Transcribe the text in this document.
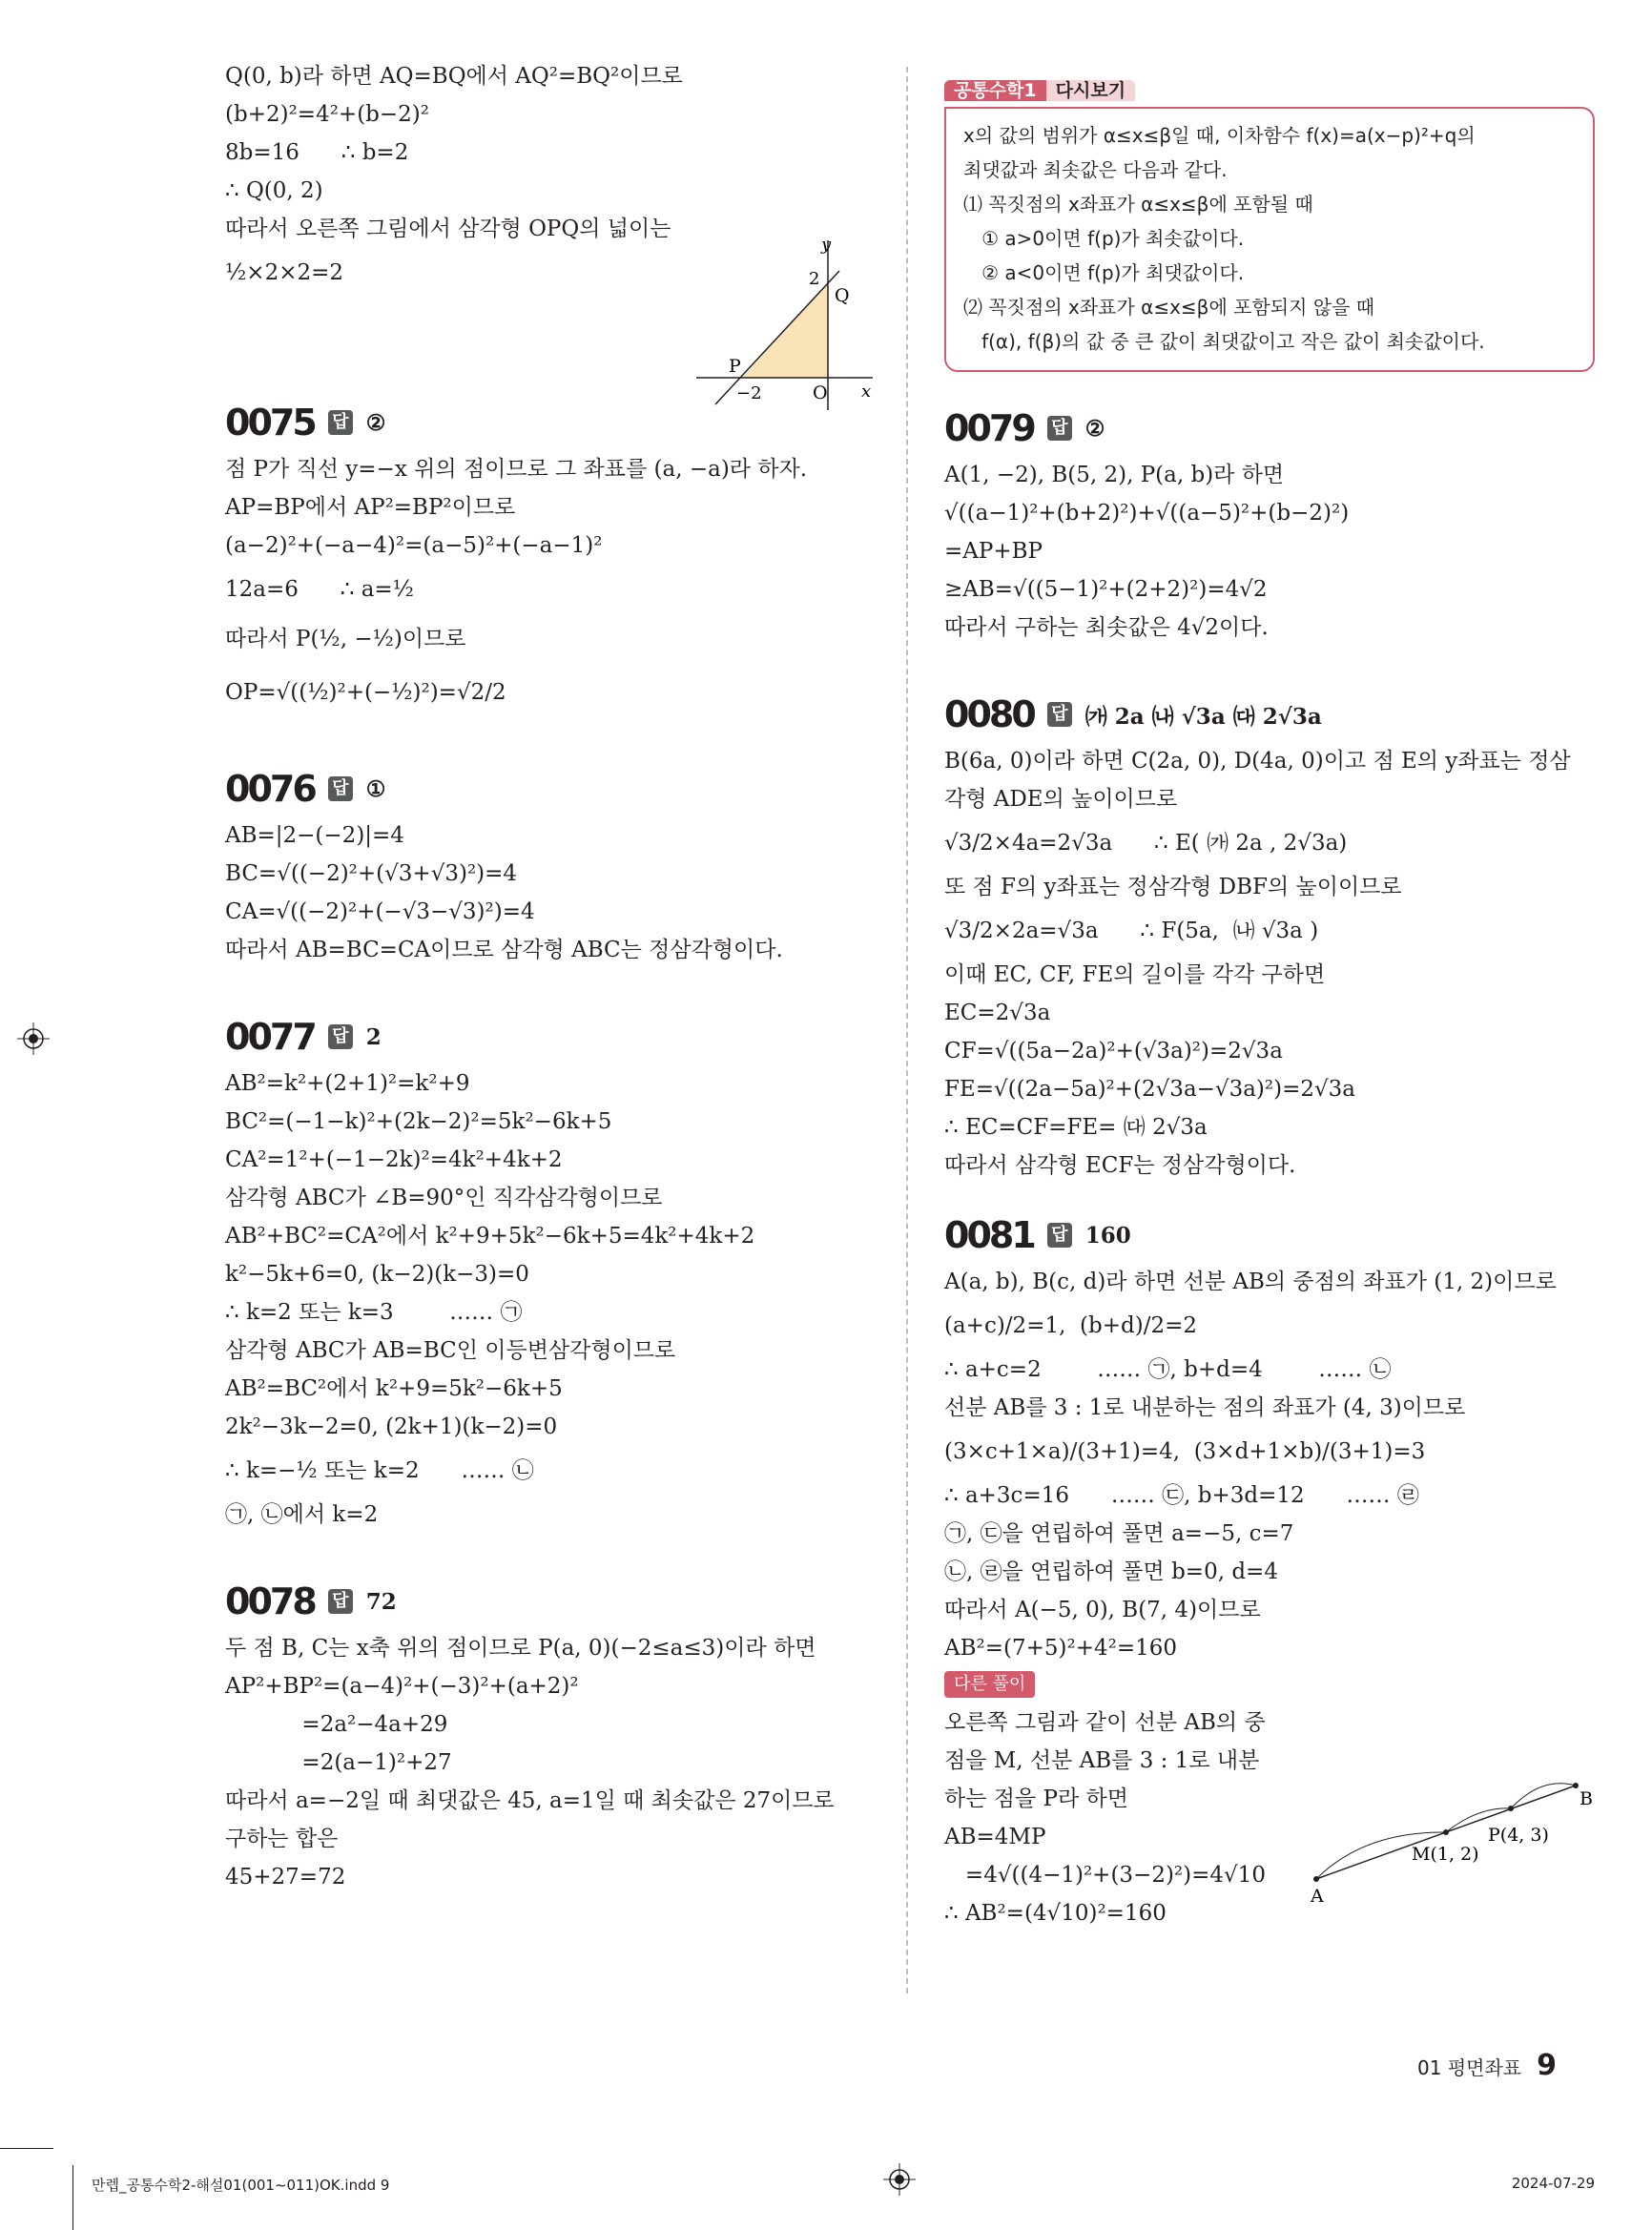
Q(0, b)라 하면 AQ=BQ에서 AQ²=BQ²이므로
(b+2)²=4²+(b−2)²
8b=16      ∴ b=2
∴ Q(0, 2)
따라서 오른쪽 그림에서 삼각형 OPQ의 넓이는
½×2×2=2
0075 답 ②
점 P가 직선 y=−x 위의 점이므로 그 좌표를 (a, −a)라 하자.
AP=BP에서 AP²=BP²이므로
(a−2)²+(−a−4)²=(a−5)²+(−a−1)²
12a=6      ∴ a=½
따라서 P(½, −½)이므로
OP=√((½)²+(−½)²)=√2/2
0076 답 ①
AB=|2−(−2)|=4
BC=√((−2)²+(√3+√3)²)=4
CA=√((−2)²+(−√3−√3)²)=4
따라서 AB=BC=CA이므로 삼각형 ABC는 정삼각형이다.
0077 답 2
AB²=k²+(2+1)²=k²+9
BC²=(−1−k)²+(2k−2)²=5k²−6k+5
CA²=1²+(−1−2k)²=4k²+4k+2
삼각형 ABC가 ∠B=90°인 직각삼각형이므로
AB²+BC²=CA²에서 k²+9+5k²−6k+5=4k²+4k+2
k²−5k+6=0, (k−2)(k−3)=0
∴ k=2 또는 k=3        …… ㉠
삼각형 ABC가 AB=BC인 이등변삼각형이므로
AB²=BC²에서 k²+9=5k²−6k+5
2k²−3k−2=0, (2k+1)(k−2)=0
∴ k=−½ 또는 k=2      …… ㉡
㉠, ㉡에서 k=2
0078 답 72
두 점 B, C는 x축 위의 점이므로 P(a, 0)(−2≤a≤3)이라 하면
AP²+BP²=(a−4)²+(−3)²+(a+2)²
=2a²−4a+29
=2(a−1)²+27
따라서 a=−2일 때 최댓값은 45, a=1일 때 최솟값은 27이므로
구하는 합은
45+27=72
y
x
2
−2
Q
P
O
공통수학1 다시보기
x의 값의 범위가 α≤x≤β일 때, 이차함수 f(x)=a(x−p)²+q의
최댓값과 최솟값은 다음과 같다.
⑴ 꼭짓점의 x좌표가 α≤x≤β에 포함될 때
① a>0이면 f(p)가 최솟값이다.
② a<0이면 f(p)가 최댓값이다.
⑵ 꼭짓점의 x좌표가 α≤x≤β에 포함되지 않을 때
f(α), f(β)의 값 중 큰 값이 최댓값이고 작은 값이 최솟값이다.
0079 답 ②
A(1, −2), B(5, 2), P(a, b)라 하면
√((a−1)²+(b+2)²)+√((a−5)²+(b−2)²)
=AP+BP
≥AB=√((5−1)²+(2+2)²)=4√2
따라서 구하는 최솟값은 4√2이다.
0080 답 ㈎ 2a ㈏ √3a ㈐ 2√3a
B(6a, 0)이라 하면 C(2a, 0), D(4a, 0)이고 점 E의 y좌표는 정삼
각형 ADE의 높이이므로
√3/2×4a=2√3a      ∴ E( ㈎ 2a , 2√3a)
또 점 F의 y좌표는 정삼각형 DBF의 높이이므로
√3/2×2a=√3a      ∴ F(5a,  ㈏ √3a )
이때 EC, CF, FE의 길이를 각각 구하면
EC=2√3a
CF=√((5a−2a)²+(√3a)²)=2√3a
FE=√((2a−5a)²+(2√3a−√3a)²)=2√3a
∴ EC=CF=FE= ㈐ 2√3a
따라서 삼각형 ECF는 정삼각형이다.
0081 답 160
A(a, b), B(c, d)라 하면 선분 AB의 중점의 좌표가 (1, 2)이므로
(a+c)/2=1,  (b+d)/2=2
∴ a+c=2        …… ㉠, b+d=4        …… ㉡
선분 AB를 3 : 1로 내분하는 점의 좌표가 (4, 3)이므로
(3×c+1×a)/(3+1)=4,  (3×d+1×b)/(3+1)=3
∴ a+3c=16      …… ㉢, b+3d=12      …… ㉣
㉠, ㉢을 연립하여 풀면 a=−5, c=7
㉡, ㉣을 연립하여 풀면 b=0, d=4
따라서 A(−5, 0), B(7, 4)이므로
AB²=(7+5)²+4²=160
다른 풀이
오른쪽 그림과 같이 선분 AB의 중
점을 M, 선분 AB를 3 : 1로 내분
하는 점을 P라 하면
AB=4MP
=4√((4−1)²+(3−2)²)=4√10
∴ AB²=(4√10)²=160
A
M(1, 2)
P(4, 3)
B
01 평면좌표 9
만렙_공통수학2-해설01(001~011)OK.indd 9	2024-07-29
